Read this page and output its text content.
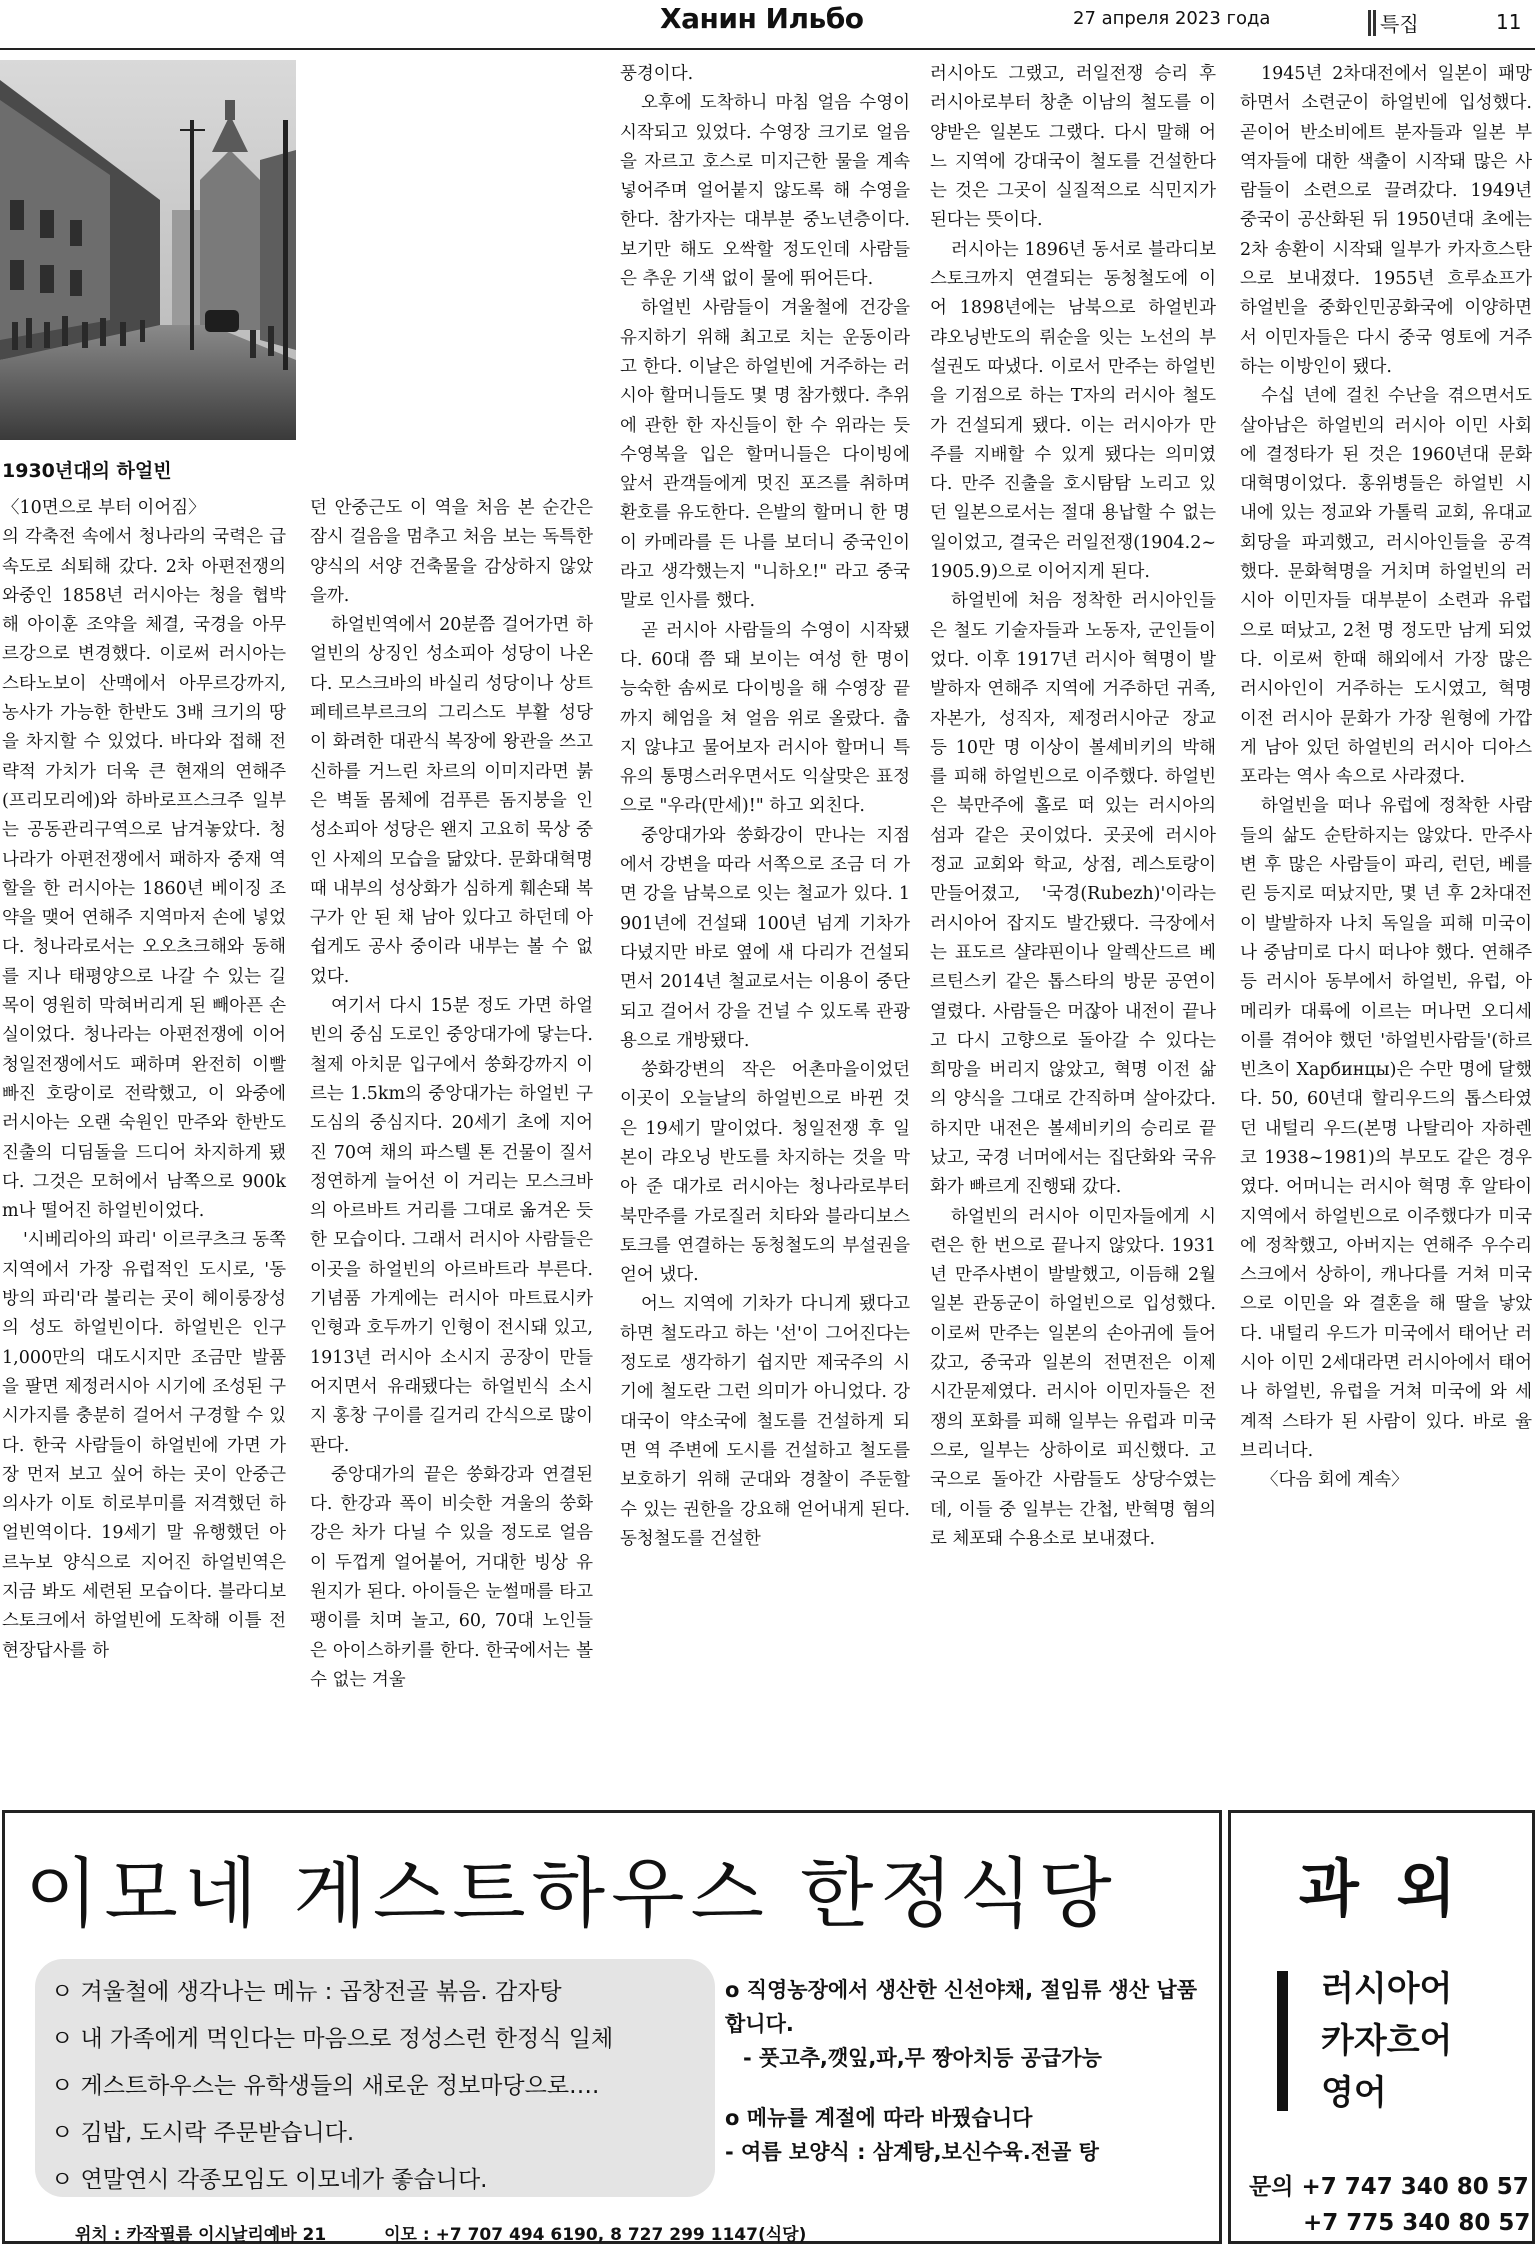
Ханин Ильбо	27 апреля 2023 года	특집	11
1930년대의 하얼빈

〈10면으로 부터 이어짐〉

의 각축전 속에서 청나라의 국력은 급속도로 쇠퇴해 갔다. 2차 아편전쟁의 와중인 1858년 러시아는 청을 협박해 아이훈 조약을 체결, 국경을 아무르강으로 변경했다. 이로써 러시아는 스타노보이 산맥에서 아무르강까지, 농사가 가능한 한반도 3배 크기의 땅을 차지할 수 있었다. 바다와 접해 전략적 가치가 더욱 큰 현재의 연해주(프리모리에)와 하바로프스크주 일부는 공동관리구역으로 남겨놓았다. 청나라가 아편전쟁에서 패하자 중재 역할을 한 러시아는 1860년 베이징 조약을 맺어 연해주 지역마저 손에 넣었다. 청나라로서는 오오츠크해와 동해를 지나 태평양으로 나갈 수 있는 길목이 영원히 막혀버리게 된 빼아픈 손실이었다. 청나라는 아편전쟁에 이어 청일전쟁에서도 패하며 완전히 이빨 빠진 호랑이로 전락했고, 이 와중에 러시아는 오랜 숙원인 만주와 한반도 진출의 디딤돌을 드디어 차지하게 됐다. 그것은 모허에서 남쪽으로 900km나 떨어진 하얼빈이었다.

'시베리아의 파리' 이르쿠츠크 동쪽 지역에서 가장 유럽적인 도시로, '동방의 파리'라 불리는 곳이 헤이룽장성의 성도 하얼빈이다. 하얼빈은 인구 1,000만의 대도시지만 조금만 발품을 팔면 제정러시아 시기에 조성된 구시가지를 충분히 걸어서 구경할 수 있다. 한국 사람들이 하얼빈에 가면 가장 먼저 보고 싶어 하는 곳이 안중근 의사가 이토 히로부미를 저격했던 하얼빈역이다. 19세기 말 유행했던 아르누보 양식으로 지어진 하얼빈역은 지금 봐도 세련된 모습이다. 블라디보스토크에서 하얼빈에 도착해 이틀 전 현장답사를 하

던 안중근도 이 역을 처음 본 순간은 잠시 걸음을 멈추고 처음 보는 독특한 양식의 서양 건축물을 감상하지 않았을까.

하얼빈역에서 20분쯤 걸어가면 하얼빈의 상징인 성소피아 성당이 나온다. 모스크바의 바실리 성당이나 상트페테르부르크의 그리스도 부활 성당이 화려한 대관식 복장에 왕관을 쓰고 신하를 거느린 차르의 이미지라면 붉은 벽돌 몸체에 검푸른 돔지붕을 인 성소피아 성당은 왠지 고요히 묵상 중인 사제의 모습을 닮았다. 문화대혁명 때 내부의 성상화가 심하게 훼손돼 복구가 안 된 채 남아 있다고 하던데 아쉽게도 공사 중이라 내부는 볼 수 없었다.

여기서 다시 15분 정도 가면 하얼빈의 중심 도로인 중앙대가에 닿는다. 철제 아치문 입구에서 쑹화강까지 이르는 1.5km의 중앙대가는 하얼빈 구도심의 중심지다. 20세기 초에 지어진 70여 채의 파스텔 톤 건물이 질서정연하게 늘어선 이 거리는 모스크바의 아르바트 거리를 그대로 옮겨온 듯한 모습이다. 그래서 러시아 사람들은 이곳을 하얼빈의 아르바트라 부른다. 기념품 가게에는 러시아 마트료시카 인형과 호두까기 인형이 전시돼 있고, 1913년 러시아 소시지 공장이 만들어지면서 유래됐다는 하얼빈식 소시지 홍창 구이를 길거리 간식으로 많이 판다.

중앙대가의 끝은 쑹화강과 연결된다. 한강과 폭이 비슷한 겨울의 쑹화강은 차가 다닐 수 있을 정도로 얼음이 두껍게 얼어붙어, 거대한 빙상 유원지가 된다. 아이들은 눈썰매를 타고 팽이를 치며 놀고, 60, 70대 노인들은 아이스하키를 한다. 한국에서는 볼 수 없는 겨울

풍경이다.

오후에 도착하니 마침 얼음 수영이 시작되고 있었다. 수영장 크기로 얼음을 자르고 호스로 미지근한 물을 계속 넣어주며 얼어붙지 않도록 해 수영을 한다. 참가자는 대부분 중노년층이다. 보기만 해도 오싹할 정도인데 사람들은 추운 기색 없이 물에 뛰어든다.

하얼빈 사람들이 겨울철에 건강을 유지하기 위해 최고로 치는 운동이라고 한다. 이날은 하얼빈에 거주하는 러시아 할머니들도 몇 명 참가했다. 추위에 관한 한 자신들이 한 수 위라는 듯 수영복을 입은 할머니들은 다이빙에 앞서 관객들에게 멋진 포즈를 취하며 환호를 유도한다. 은발의 할머니 한 명이 카메라를 든 나를 보더니 중국인이라고 생각했는지 "니하오!" 라고 중국말로 인사를 했다.

곧 러시아 사람들의 수영이 시작됐다. 60대 쯤 돼 보이는 여성 한 명이 능숙한 솜씨로 다이빙을 해 수영장 끝까지 헤엄을 쳐 얼음 위로 올랐다. 춥지 않냐고 물어보자 러시아 할머니 특유의 통명스러우면서도 익살맞은 표정으로 "우라(만세)!" 하고 외친다.

중앙대가와 쑹화강이 만나는 지점에서 강변을 따라 서쪽으로 조금 더 가면 강을 남북으로 잇는 철교가 있다. 1901년에 건설돼 100년 넘게 기차가 다녔지만 바로 옆에 새 다리가 건설되면서 2014년 철교로서는 이용이 중단되고 걸어서 강을 건널 수 있도록 관광용으로 개방됐다.

쑹화강변의 작은 어촌마을이었던 이곳이 오늘날의 하얼빈으로 바뀐 것은 19세기 말이었다. 청일전쟁 후 일본이 랴오닝 반도를 차지하는 것을 막아 준 대가로 러시아는 청나라로부터 북만주를 가로질러 치타와 블라디보스토크를 연결하는 동청철도의 부설권을 얻어 냈다.

어느 지역에 기차가 다니게 됐다고 하면 철도라고 하는 '선'이 그어진다는 정도로 생각하기 쉽지만 제국주의 시기에 철도란 그런 의미가 아니었다. 강대국이 약소국에 철도를 건설하게 되면 역 주변에 도시를 건설하고 철도를 보호하기 위해 군대와 경찰이 주둔할 수 있는 권한을 강요해 얻어내게 된다. 동청철도를 건설한

러시아도 그랬고, 러일전쟁 승리 후 러시아로부터 창춘 이남의 철도를 이양받은 일본도 그랬다. 다시 말해 어느 지역에 강대국이 철도를 건설한다는 것은 그곳이 실질적으로 식민지가 된다는 뜻이다.

러시아는 1896년 동서로 블라디보스토크까지 연결되는 동청철도에 이어 1898년에는 남북으로 하얼빈과 랴오닝반도의 뤼순을 잇는 노선의 부설권도 따냈다. 이로서 만주는 하얼빈을 기점으로 하는 T자의 러시아 철도가 건설되게 됐다. 이는 러시아가 만주를 지배할 수 있게 됐다는 의미였다. 만주 진출을 호시탐탐 노리고 있던 일본으로서는 절대 용납할 수 없는 일이었고, 결국은 러일전쟁(1904.2~1905.9)으로 이어지게 된다.

하얼빈에 처음 정착한 러시아인들은 철도 기술자들과 노동자, 군인들이었다. 이후 1917년 러시아 혁명이 발발하자 연해주 지역에 거주하던 귀족, 자본가, 성직자, 제정러시아군 장교 등 10만 명 이상이 볼셰비키의 박해를 피해 하얼빈으로 이주했다. 하얼빈은 북만주에 홀로 떠 있는 러시아의 섬과 같은 곳이었다. 곳곳에 러시아 정교 교회와 학교, 상점, 레스토랑이 만들어졌고, '국경(Rubezh)'이라는 러시아어 잡지도 발간됐다. 극장에서는 표도르 샬랴핀이나 알렉산드르 베르틴스키 같은 톱스타의 방문 공연이 열렸다. 사람들은 머잖아 내전이 끝나고 다시 고향으로 돌아갈 수 있다는 희망을 버리지 않았고, 혁명 이전 삶의 양식을 그대로 간직하며 살아갔다. 하지만 내전은 볼셰비키의 승리로 끝났고, 국경 너머에서는 집단화와 국유화가 빠르게 진행돼 갔다.

하얼빈의 러시아 이민자들에게 시련은 한 번으로 끝나지 않았다. 1931년 만주사변이 발발했고, 이듬해 2월 일본 관동군이 하얼빈으로 입성했다. 이로써 만주는 일본의 손아귀에 들어갔고, 중국과 일본의 전면전은 이제 시간문제였다. 러시아 이민자들은 전쟁의 포화를 피해 일부는 유럽과 미국으로, 일부는 상하이로 피신했다. 고국으로 돌아간 사람들도 상당수였는데, 이들 중 일부는 간첩, 반혁명 혐의로 체포돼 수용소로 보내졌다.

1945년 2차대전에서 일본이 패망하면서 소련군이 하얼빈에 입성했다. 곧이어 반소비에트 분자들과 일본 부역자들에 대한 색출이 시작돼 많은 사람들이 소련으로 끌려갔다. 1949년 중국이 공산화된 뒤 1950년대 초에는 2차 송환이 시작돼 일부가 카자흐스탄으로 보내졌다. 1955년 흐루쇼프가 하얼빈을 중화인민공화국에 이양하면서 이민자들은 다시 중국 영토에 거주하는 이방인이 됐다.

수십 년에 걸친 수난을 겪으면서도 살아남은 하얼빈의 러시아 이민 사회에 결정타가 된 것은 1960년대 문화대혁명이었다. 홍위병들은 하얼빈 시내에 있는 정교와 가톨릭 교회, 유대교 회당을 파괴했고, 러시아인들을 공격했다. 문화혁명을 거치며 하얼빈의 러시아 이민자들 대부분이 소련과 유럽으로 떠났고, 2천 명 정도만 남게 되었다. 이로써 한때 해외에서 가장 많은 러시아인이 거주하는 도시였고, 혁명 이전 러시아 문화가 가장 원형에 가깝게 남아 있던 하얼빈의 러시아 디아스포라는 역사 속으로 사라졌다.

하얼빈을 떠나 유럽에 정착한 사람들의 삶도 순탄하지는 않았다. 만주사변 후 많은 사람들이 파리, 런던, 베를린 등지로 떠났지만, 몇 년 후 2차대전이 발발하자 나치 독일을 피해 미국이나 중남미로 다시 떠나야 했다. 연해주 등 러시아 동부에서 하얼빈, 유럽, 아메리카 대륙에 이르는 머나먼 오디세이를 겪어야 했던 '하얼빈사람들'(하르빈츠이 Харбинцы)은 수만 명에 달했다. 50, 60년대 할리우드의 톱스타였던 내털리 우드(본명 나탈리아 자하렌코 1938~1981)의 부모도 같은 경우였다. 어머니는 러시아 혁명 후 알타이 지역에서 하얼빈으로 이주했다가 미국에 정착했고, 아버지는 연해주 우수리스크에서 상하이, 캐나다를 거쳐 미국으로 이민을 와 결혼을 해 딸을 낳았다. 내털리 우드가 미국에서 태어난 러시아 이민 2세대라면 러시아에서 태어나 하얼빈, 유럽을 거쳐 미국에 와 세계적 스타가 된 사람이 있다. 바로 율 브리너다.

〈다음 회에 계속〉

이모네 게스트하우스 한정식당
ㅇ 겨울철에 생각나는 메뉴 : 곱창전골 볶음. 감자탕
ㅇ 내 가족에게 먹인다는 마음으로 정성스런 한정식 일체
ㅇ 게스트하우스는 유학생들의 새로운 정보마당으로….
ㅇ 김밥, 도시락 주문받습니다.
ㅇ 연말연시 각종모임도 이모네가 좋습니다.
o 직영농장에서 생산한 신선야채, 절임류 생산 납품합니다.
- 풋고추,깻잎,파,무 짱아치등 공급가능
o 메뉴를 계절에 따라 바꿨습니다
- 여름 보양식 : 삼계탕,보신수육.전골 탕
위치 : 카작필름 이시날리예바 21	이모 : +7 707 494 6190, 8 727 299 1147(식당)
과 외
러시아어
카자흐어
영어
문의 +7 747 340 80 57
+7 775 340 80 57
